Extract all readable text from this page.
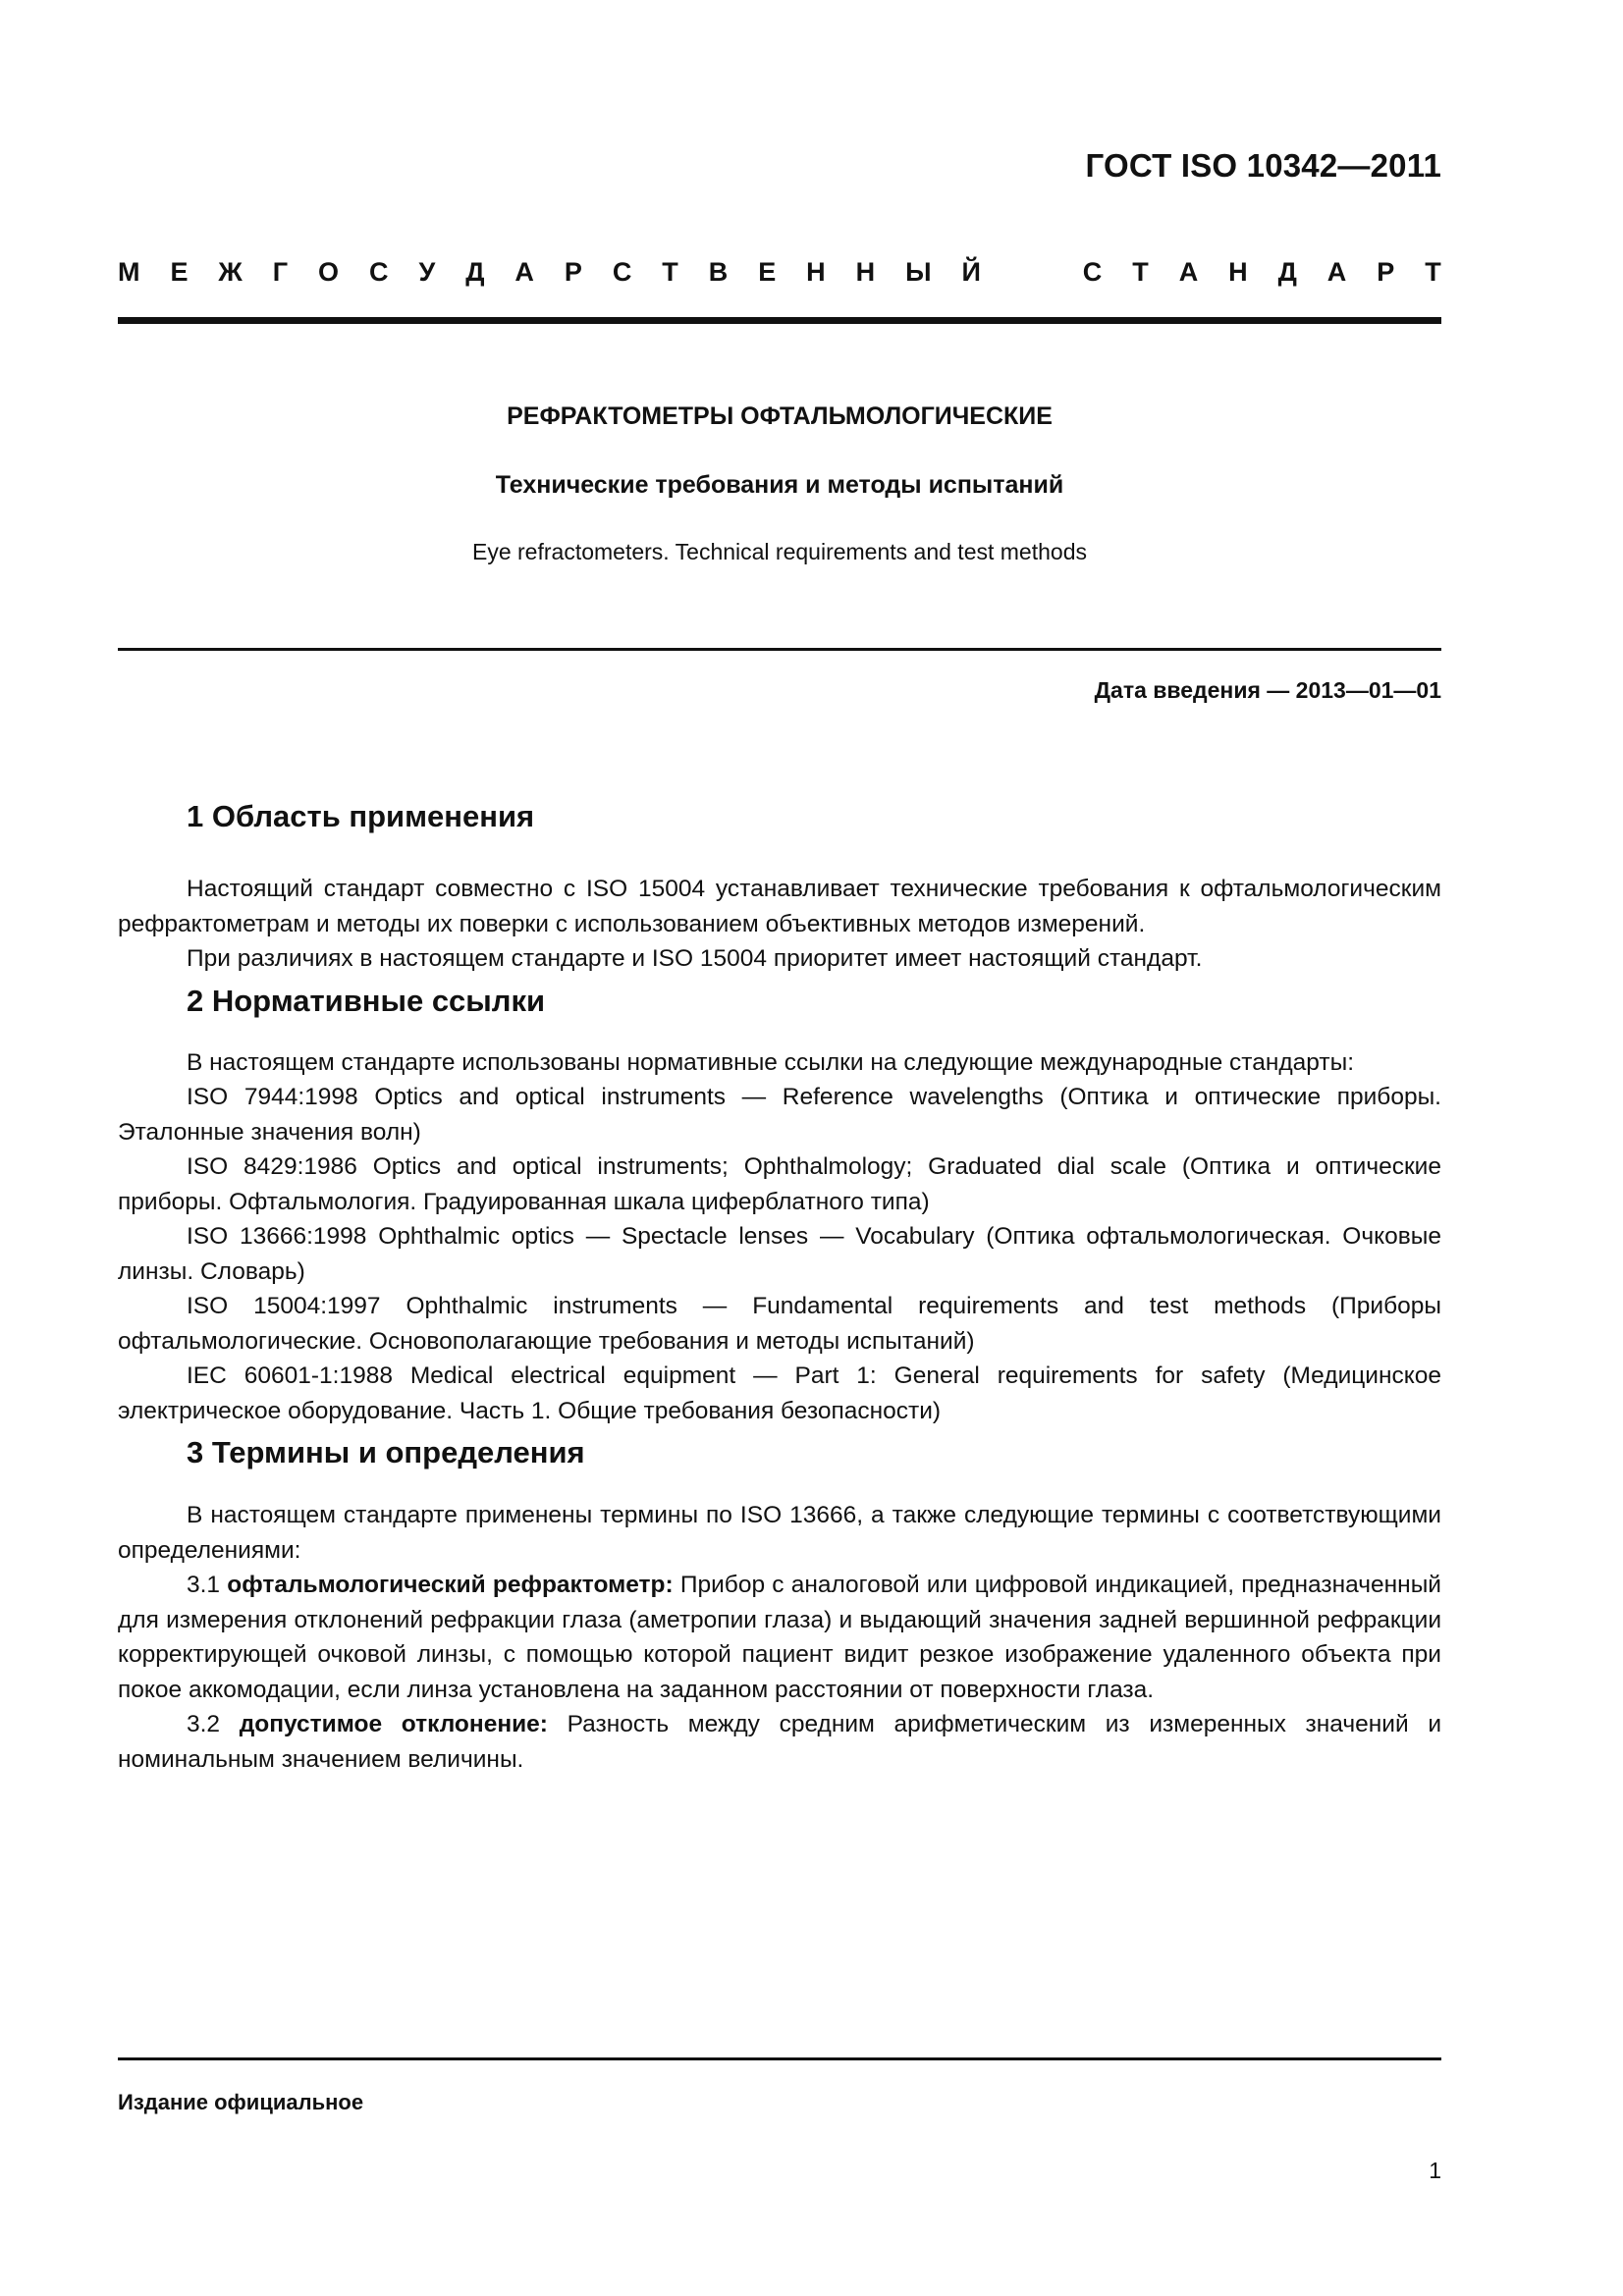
ГОСТ ISO 10342—2011
М Е Ж Г О С У Д А Р С Т В Е Н Н Ы Й	С Т А Н Д А Р Т
РЕФРАКТОМЕТРЫ ОФТАЛЬМОЛОГИЧЕСКИЕ
Технические требования и методы испытаний
Eye refractometers. Technical requirements and test methods
Дата введения — 2013—01—01
1 Область применения

Настоящий стандарт совместно с ISO 15004 устанавливает технические требования к офтальмологическим рефрактометрам и методы их поверки с использованием объективных методов измерений.

При различиях в настоящем стандарте и ISO 15004 приоритет имеет настоящий стандарт.

2 Нормативные ссылки

В настоящем стандарте использованы нормативные ссылки на следующие международные стандарты:

ISO 7944:1998 Optics and optical instruments — Reference wavelengths (Оптика и оптические приборы. Эталонные значения волн)

ISO 8429:1986 Optics and optical instruments; Ophthalmology; Graduated dial scale (Оптика и оптические приборы. Офтальмология. Градуированная шкала циферблатного типа)

ISO 13666:1998 Ophthalmic optics — Spectacle lenses — Vocabulary (Оптика офтальмологическая. Очковые линзы. Словарь)

ISO 15004:1997 Ophthalmic instruments — Fundamental requirements and test methods (Приборы офтальмологические. Основополагающие требования и методы испытаний)

IEC 60601-1:1988 Medical electrical equipment — Part 1: General requirements for safety (Медицинское электрическое оборудование. Часть 1. Общие требования безопасности)

3 Термины и определения

В настоящем стандарте применены термины по ISO 13666, а также следующие термины с соответствующими определениями:

3.1 офтальмологический рефрактометр: Прибор с аналоговой или цифровой индикацией, предназначенный для измерения отклонений рефракции глаза (аметропии глаза) и выдающий значения задней вершинной рефракции корректирующей очковой линзы, с помощью которой пациент видит резкое изображение удаленного объекта при покое аккомодации, если линза установлена на заданном расстоянии от поверхности глаза.

3.2 допустимое отклонение: Разность между средним арифметическим из измеренных значений и номинальным значением величины.

Издание официальное
1
